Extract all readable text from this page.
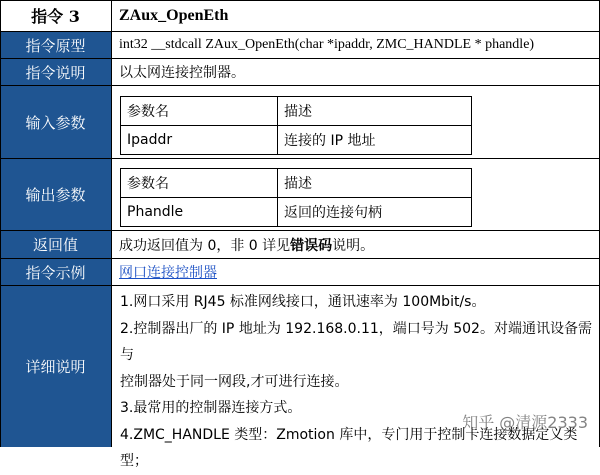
指令 3	ZAux_OpenEth
指令原型	int32 __stdcall ZAux_OpenEth(char *ipaddr, ZMC_HANDLE * phandle)
指令说明	以太网连接控制器。
输入参数
参数名	描述
Ipaddr	连接的 IP 地址
输出参数
参数名	描述
Phandle	返回的连接句柄
返回值	成功返回值为 0，非 0 详见 错误码 说明。
指令示例	网口连接控制器
详细说明

1.网口采用 RJ45 标准网线接口，通讯速率为 100Mbit/s。

2.控制器出厂的 IP 地址为 192.168.0.11，端口号为 502。对端通讯设备需与

控制器处于同一网段,才可进行连接。

3.最常用的控制器连接方式。

4.ZMC_HANDLE 类型：Zmotion 库中，专门用于控制卡连接数据定义类

型；

知乎 @清源2333
